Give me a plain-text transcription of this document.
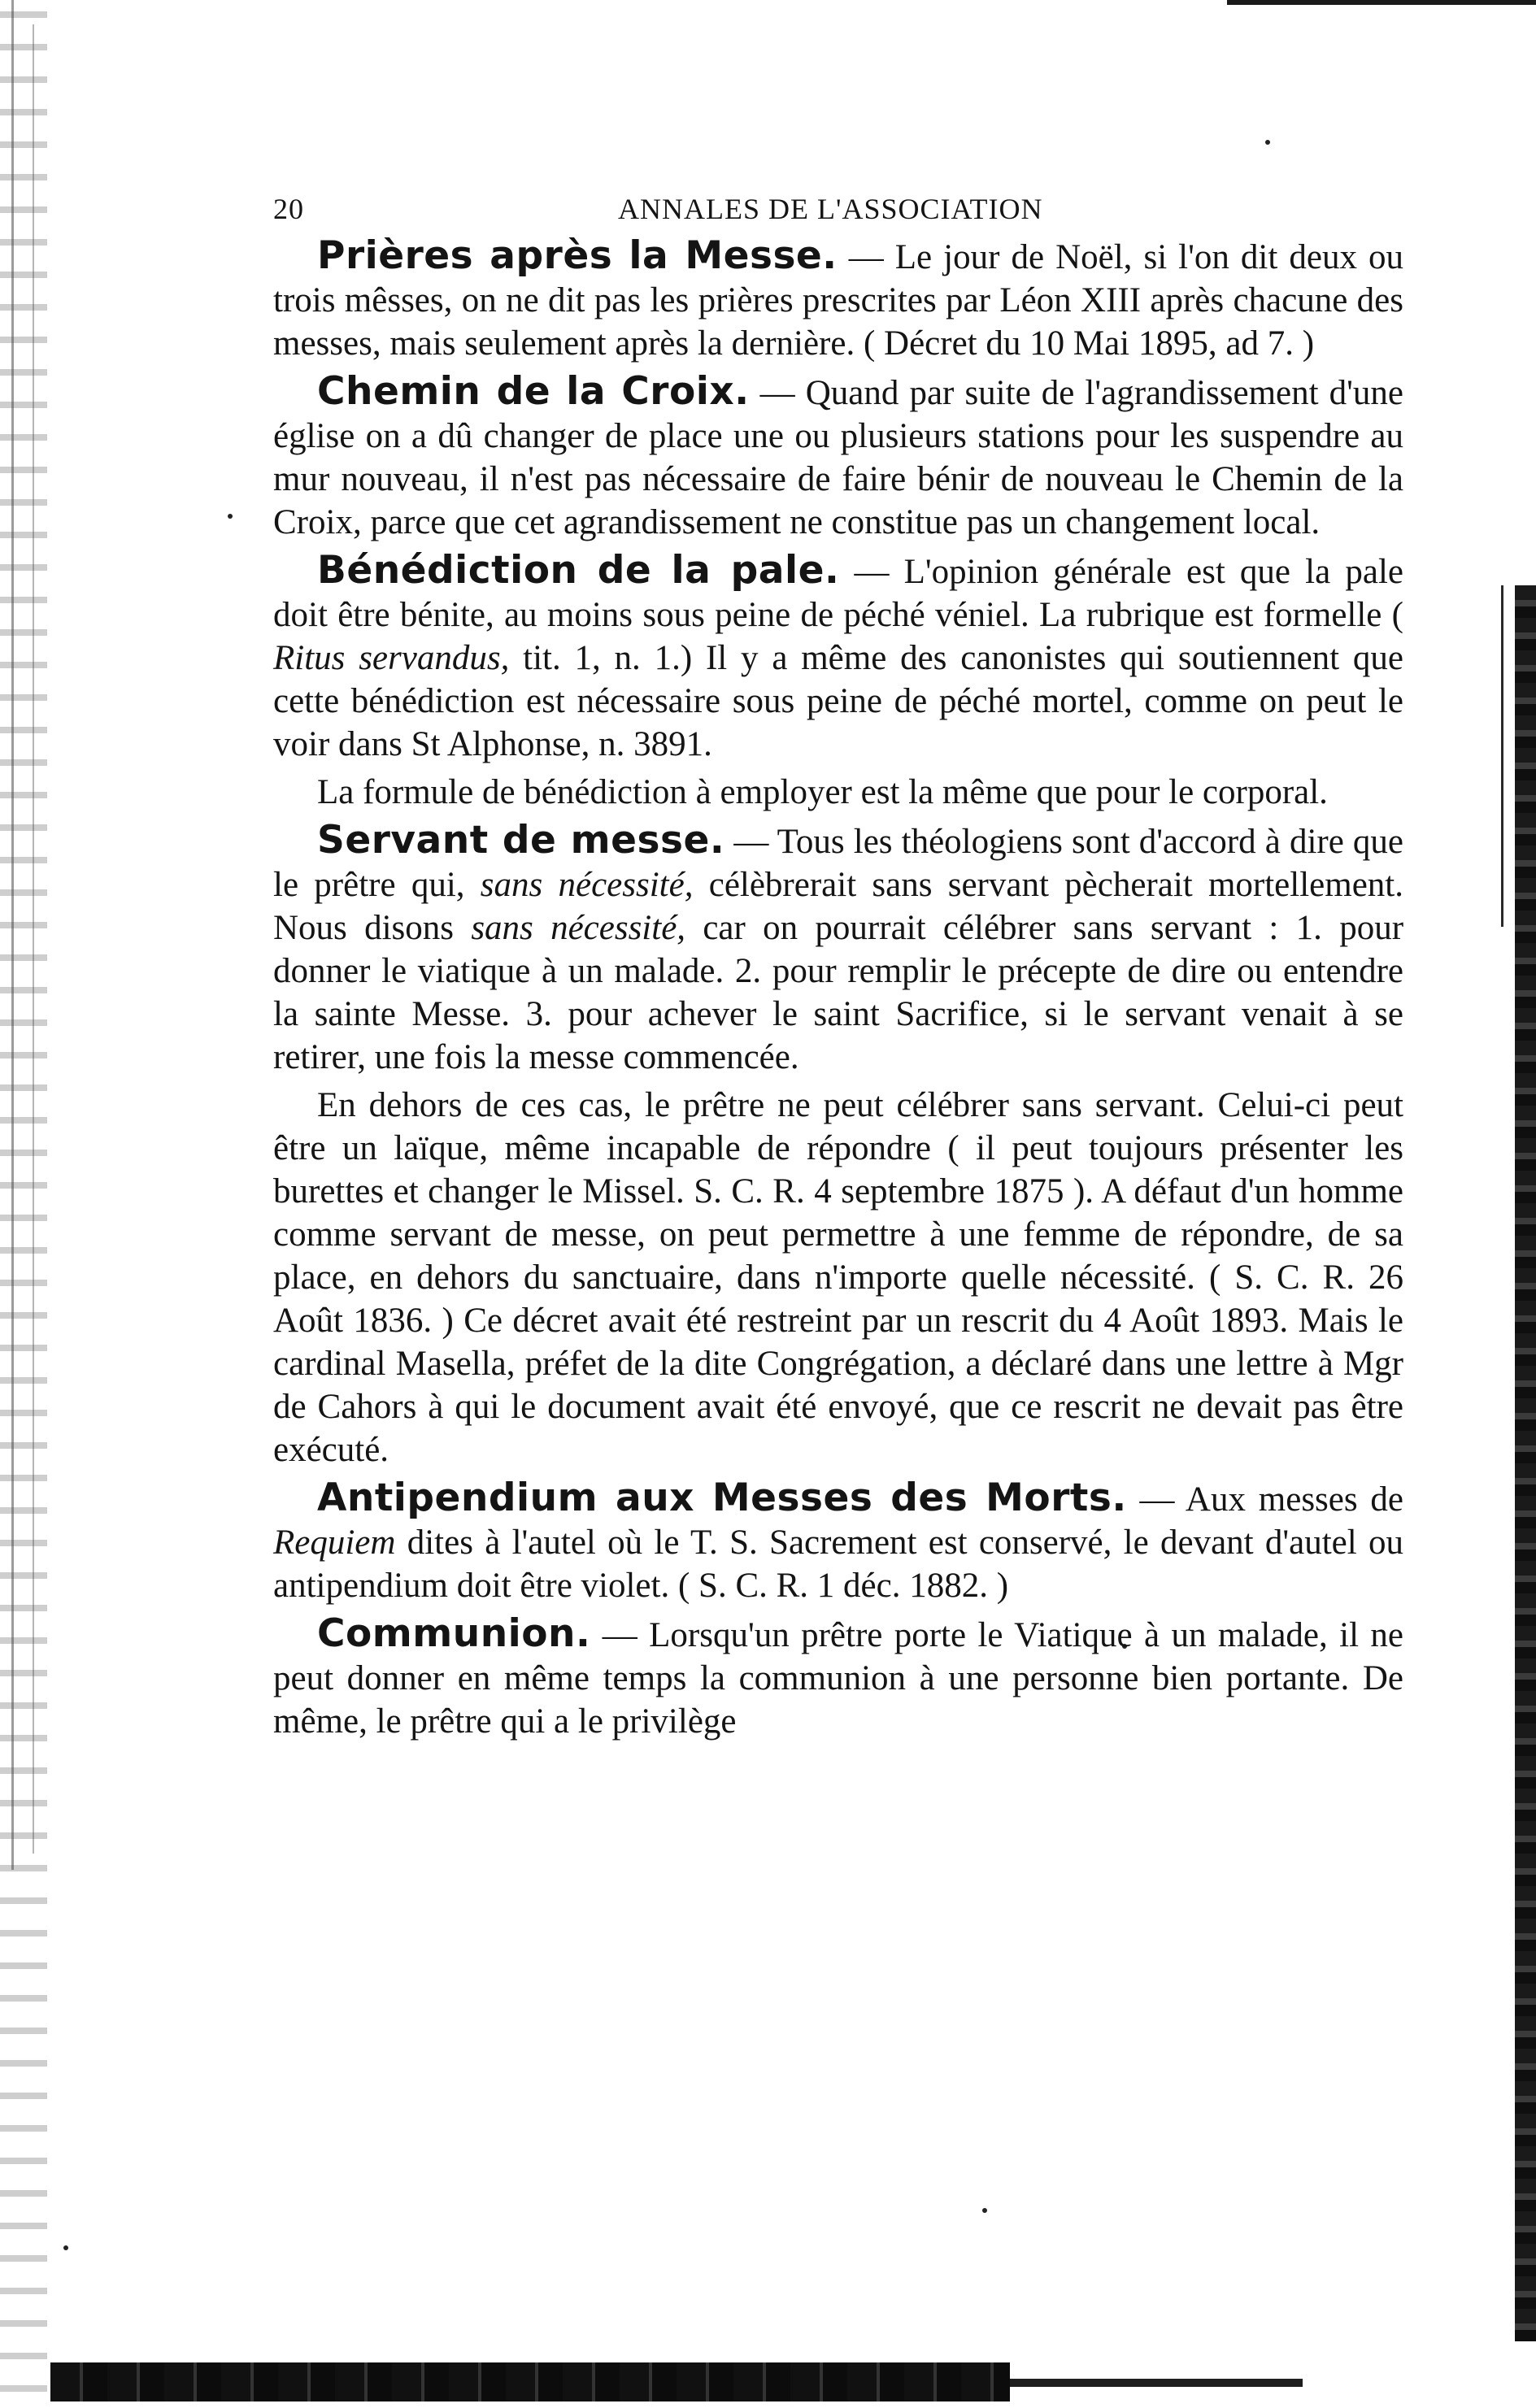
20	ANNALES DE L'ASSOCIATION

Prières après la Messe. — Le jour de Noël, si l'on dit deux ou trois mêsses, on ne dit pas les prières prescrites par Léon XIII après chacune des messes, mais seulement après la dernière. ( Décret du 10 Mai 1895, ad 7. )

Chemin de la Croix. — Quand par suite de l'agrandissement d'une église on a dû changer de place une ou plusieurs stations pour les suspendre au mur nouveau, il n'est pas nécessaire de faire bénir de nouveau le Chemin de la Croix, parce que cet agrandissement ne constitue pas un changement local.

Bénédiction de la pale. — L'opinion générale est que la pale doit être bénite, au moins sous peine de péché véniel. La rubrique est formelle ( Ritus servandus, tit. 1, n. 1.) Il y a même des canonistes qui soutiennent que cette bénédiction est nécessaire sous peine de péché mortel, comme on peut le voir dans St Alphonse, n. 3891.

La formule de bénédiction à employer est la même que pour le corporal.

Servant de messe. — Tous les théologiens sont d'accord à dire que le prêtre qui, sans nécessité, célèbrerait sans servant pècherait mortellement. Nous disons sans nécessité, car on pourrait célébrer sans servant : 1. pour donner le viatique à un malade. 2. pour remplir le précepte de dire ou entendre la sainte Messe. 3. pour achever le saint Sacrifice, si le servant venait à se retirer, une fois la messe commencée.

En dehors de ces cas, le prêtre ne peut célébrer sans servant. Celui-ci peut être un laïque, même incapable de répondre ( il peut toujours présenter les burettes et changer le Missel. S. C. R. 4 septembre 1875 ). A défaut d'un homme comme servant de messe, on peut permettre à une femme de répondre, de sa place, en dehors du sanctuaire, dans n'importe quelle nécessité. ( S. C. R. 26 Août 1836. ) Ce décret avait été restreint par un rescrit du 4 Août 1893. Mais le cardinal Masella, préfet de la dite Congrégation, a déclaré dans une lettre à Mgr de Cahors à qui le document avait été envoyé, que ce rescrit ne devait pas être exécuté.

Antipendium aux Messes des Morts. — Aux messes de Requiem dites à l'autel où le T. S. Sacrement est conservé, le devant d'autel ou antipendium doit être violet. ( S. C. R. 1 déc. 1882. )

Communion. — Lorsqu'un prêtre porte le Viatique à un malade, il ne peut donner en même temps la communion à une personne bien portante. De même, le prêtre qui a le privilège
